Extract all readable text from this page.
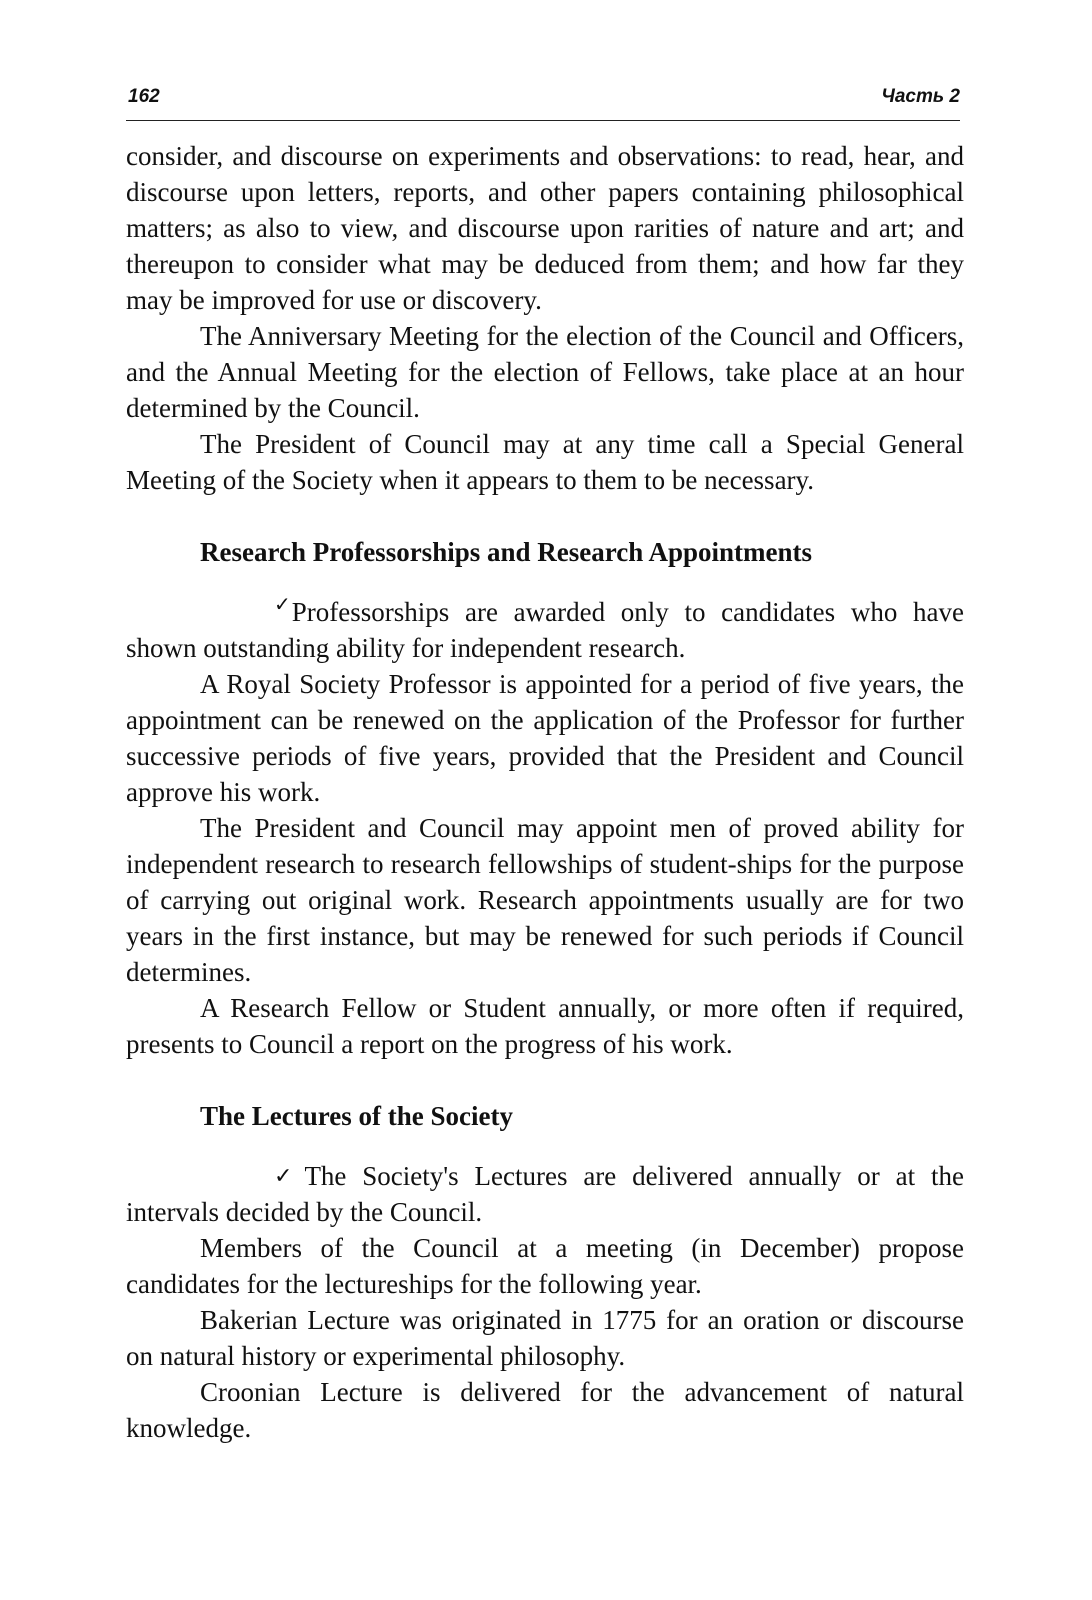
162	Часть 2

consider, and discourse on experiments and observations: to read, hear, and discourse upon letters, reports, and other papers containing philosophical matters; as also to view, and discourse upon rarities of nature and art; and thereupon to consider what may be deduced from them; and how far they may be improved for use or discovery.

The Anniversary Meeting for the election of the Council and Officers, and the Annual Meeting for the election of Fellows, take place at an hour determined by the Council.

The President of Council may at any time call a Special General Meeting of the Society when it appears to them to be necessary.

Research Professorships and Research Appointments

✓Professorships are awarded only to candidates who have shown outstanding ability for independent research.

A Royal Society Professor is appointed for a period of five years, the appointment can be renewed on the application of the Professor for further successive periods of five years, provided that the President and Council approve his work.

The President and Council may appoint men of proved ability for independent research to research fellowships of student-ships for the purpose of carrying out original work. Research appointments usually are for two years in the first instance, but may be renewed for such periods if Council determines.

A Research Fellow or Student annually, or more often if required, presents to Council a report on the progress of his work.

The Lectures of the Society

✓ The Society's Lectures are delivered annually or at the intervals decided by the Council.

Members of the Council at a meeting (in December) propose candidates for the lectureships for the following year.

Bakerian Lecture was originated in 1775 for an oration or discourse on natural history or experimental philosophy.

Croonian Lecture is delivered for the advancement of natural knowledge.
